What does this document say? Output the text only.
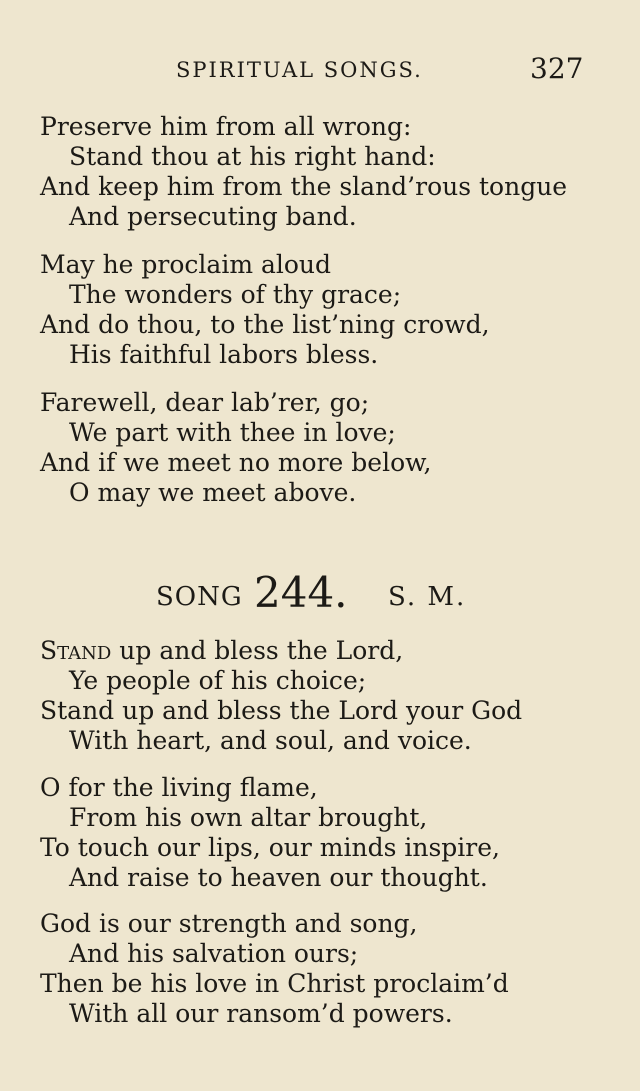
SPIRITUAL SONGS.	327
Preserve him from all wrong:
Stand thou at his right hand:
And keep him from the sland’rous tongue
And persecuting band.
May he proclaim aloud
The wonders of thy grace;
And do thou, to the list’ning crowd,
His faithful labors bless.
Farewell, dear lab’rer, go;
We part with thee in love;
And if we meet no more below,
O may we meet above.
SONG 244. S. M.
Stand up and bless the Lord,
Ye people of his choice;
Stand up and bless the Lord your God
With heart, and soul, and voice.
O for the living flame,
From his own altar brought,
To touch our lips, our minds inspire,
And raise to heaven our thought.
God is our strength and song,
And his salvation ours;
Then be his love in Christ proclaim’d
With all our ransom’d powers.
